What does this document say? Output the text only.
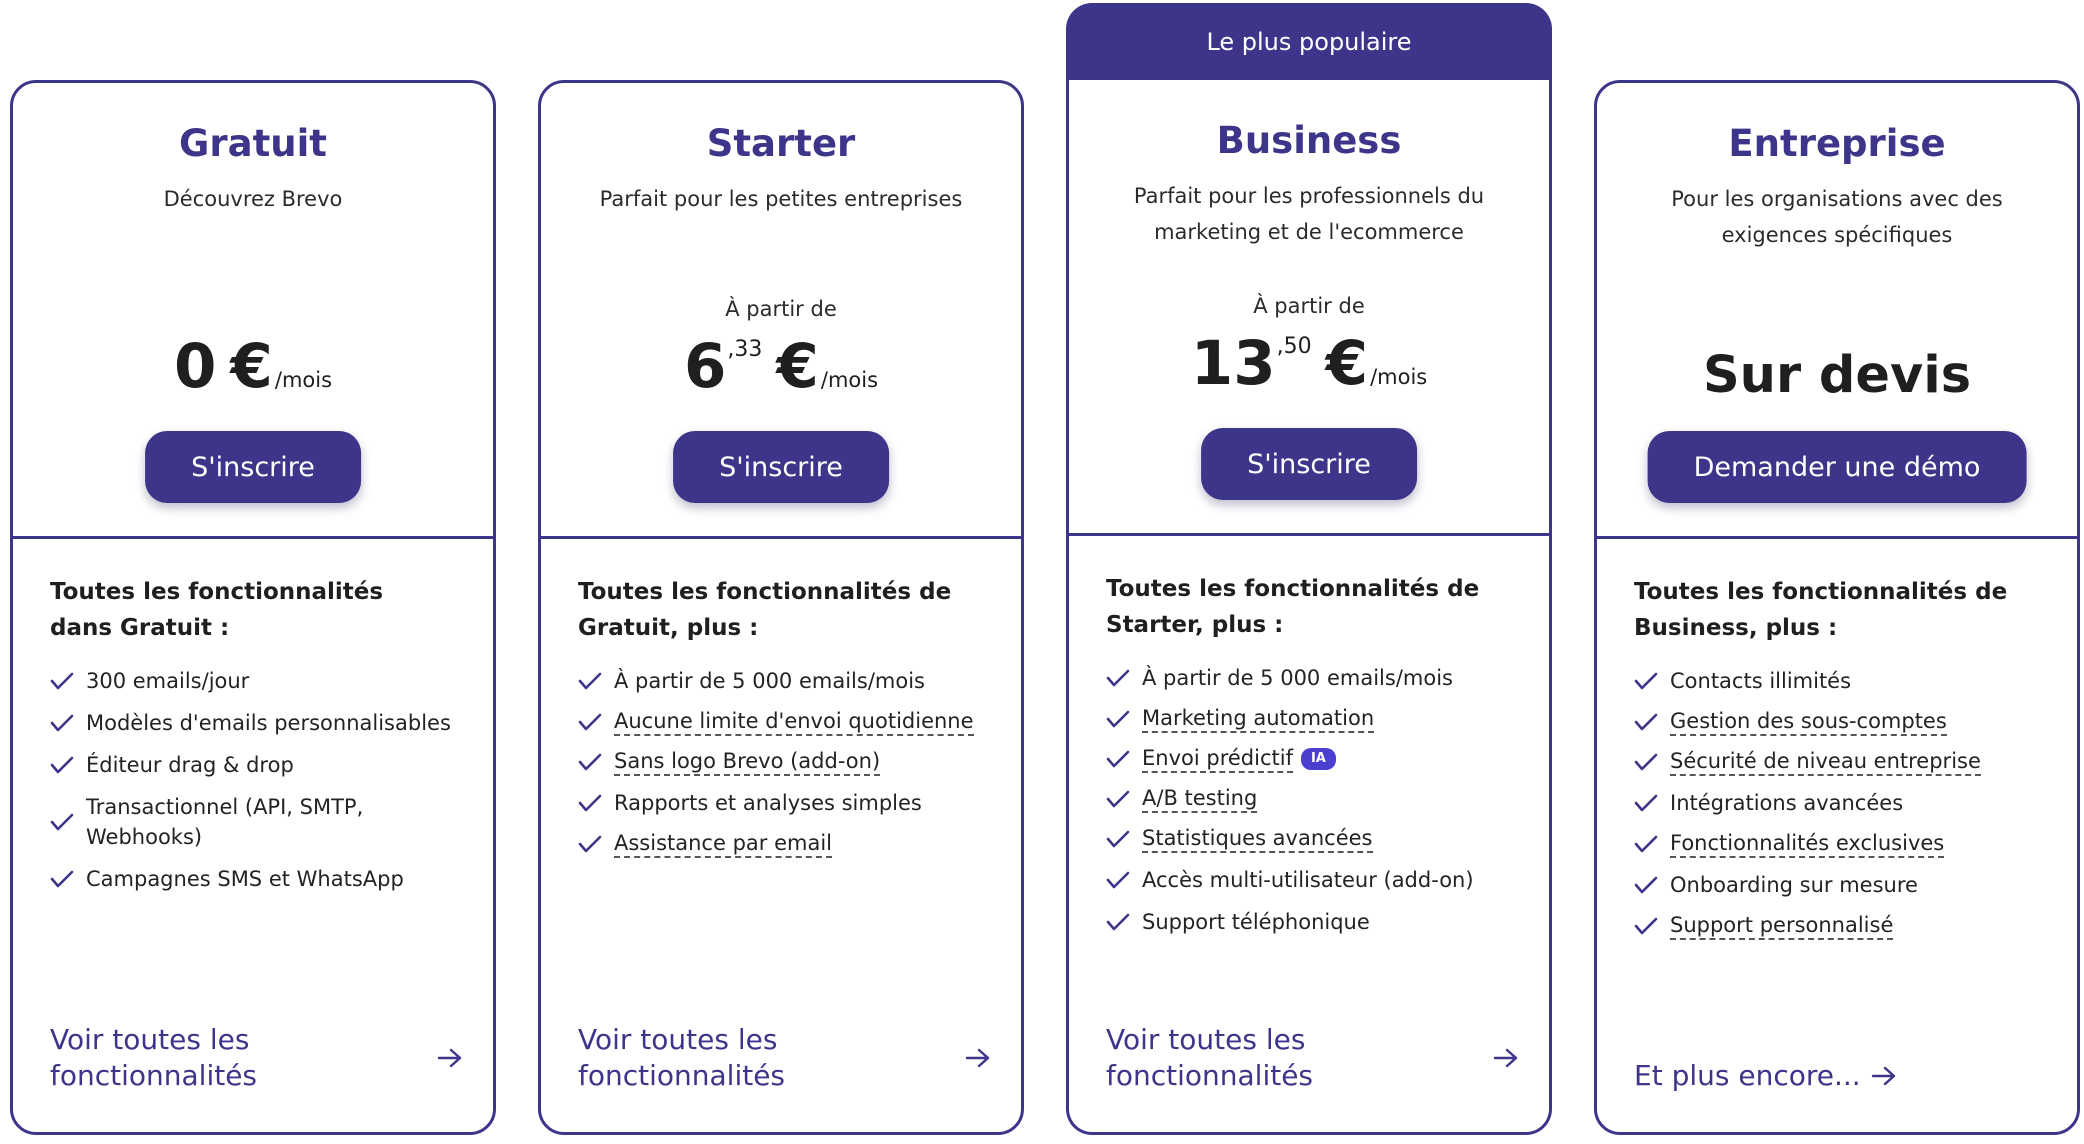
Gratuit

Découvrez Brevo

0 € /mois
S'inscrire

Toutes les fonctionnalités dans Gratuit :

300 emails/jour
Modèles d'emails personnalisables
Éditeur drag & drop
Transactionnel (API, SMTP, Webhooks)
Campagnes SMS et WhatsApp
Voir toutes les fonctionnalités
Starter

Parfait pour les petites entreprises

À partir de
6 ,33 € /mois
S'inscrire

Toutes les fonctionnalités de Gratuit, plus :

À partir de 5 000 emails/mois
Aucune limite d'envoi quotidienne
Sans logo Brevo (add-on)
Rapports et analyses simples
Assistance par email
Voir toutes les fonctionnalités
Le plus populaire
Business

Parfait pour les professionnels du marketing et de l'ecommerce

À partir de
13 ,50 € /mois
S'inscrire

Toutes les fonctionnalités de Starter, plus :

À partir de 5 000 emails/mois
Marketing automation
Envoi prédictif	IA
A/B testing
Statistiques avancées
Accès multi-utilisateur (add-on)
Support téléphonique
Voir toutes les fonctionnalités
Entreprise

Pour les organisations avec des exigences spécifiques

Sur devis
Demander une démo

Toutes les fonctionnalités de Business, plus :

Contacts illimités
Gestion des sous-comptes
Sécurité de niveau entreprise
Intégrations avancées
Fonctionnalités exclusives
Onboarding sur mesure
Support personnalisé
Et plus encore...
